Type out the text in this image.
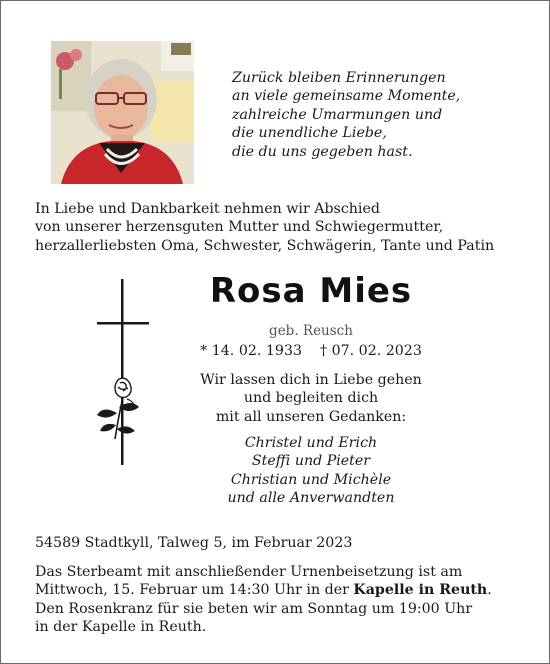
Zurück bleiben Erinnerungen
an viele gemeinsame Momente,
zahlreiche Umarmungen und
die unendliche Liebe,
die du uns gegeben hast.
In Liebe und Dankbarkeit nehmen wir Abschied
von unserer herzensguten Mutter und Schwiegermutter,
herzallerliebsten Oma, Schwester, Schwägerin, Tante und Patin
Rosa Mies
geb. Reusch
* 14. 02. 1933 † 07. 02. 2023
Wir lassen dich in Liebe gehen
und begleiten dich
mit all unseren Gedanken:
Christel und Erich
Steffi und Pieter
Christian und Michèle
und alle Anverwandten
54589 Stadtkyll, Talweg 5, im Februar 2023
Das Sterbeamt mit anschließender Urnenbeisetzung ist am
Mittwoch, 15. Februar um 14:30 Uhr in der Kapelle in Reuth.
Den Rosenkranz für sie beten wir am Sonntag um 19:00 Uhr
in der Kapelle in Reuth.
